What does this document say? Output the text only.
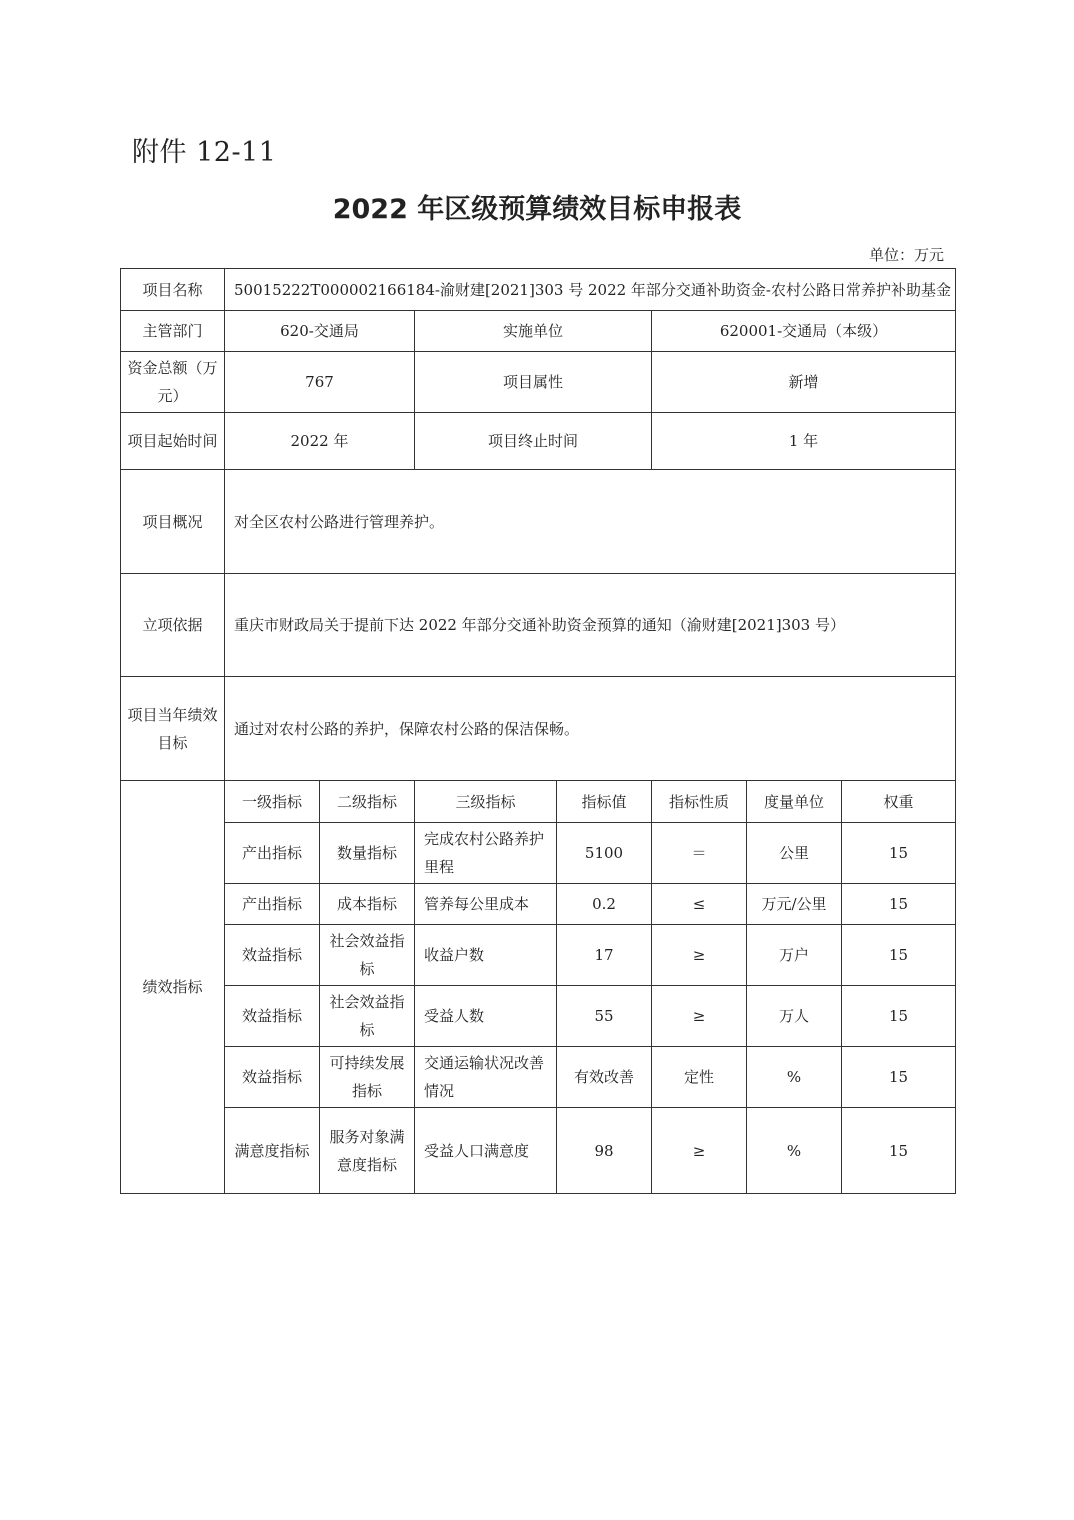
附件 12-11
2022 年区级预算绩效目标申报表
单位：万元
项目名称	50015222T000002166184-渝财建[2021]303 号 2022 年部分交通补助资金-农村公路日常养护补助基金						
主管部门	620-交通局		实施单位		620001-交通局（本级）		
资金总额（万元）	767		项目属性		新增		
项目起始时间	2022 年		项目终止时间		1 年		
项目概况	对全区农村公路进行管理养护。						
立项依据	重庆市财政局关于提前下达 2022 年部分交通补助资金预算的通知（渝财建[2021]303 号）						
项目当年绩效目标	通过对农村公路的养护，保障农村公路的保洁保畅。						
绩效指标	一级指标	二级指标	三级指标	指标值	指标性质	度量单位	权重
	产出指标	数量指标	完成农村公路养护里程	5100	＝	公里	15
	产出指标	成本指标	管养每公里成本	0.2	≤	万元/公里	15
	效益指标	社会效益指标	收益户数	17	≥	万户	15
	效益指标	社会效益指标	受益人数	55	≥	万人	15
	效益指标	可持续发展指标	交通运输状况改善情况	有效改善	定性	%	15
	满意度指标	服务对象满意度指标	受益人口满意度	98	≥	%	15
